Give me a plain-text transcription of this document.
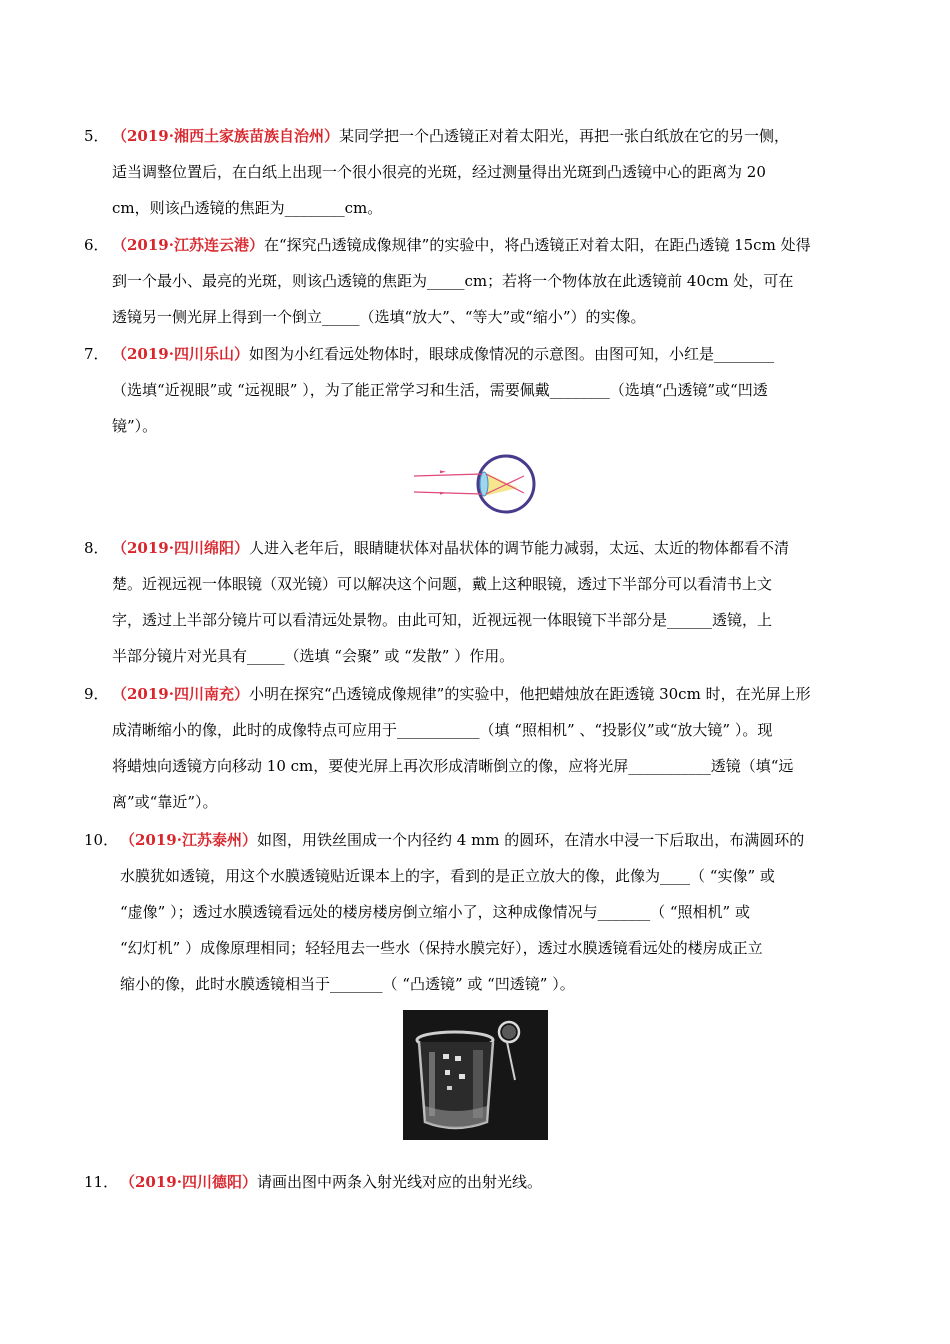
5． （2019·湘西土家族苗族自治州）某同学把一个凸透镜正对着太阳光，再把一张白纸放在它的另一侧，
适当调整位置后，在白纸上出现一个很小很亮的光斑，经过测量得出光斑到凸透镜中心的距离为 20
cm，则该凸透镜的焦距为________cm。
6． （2019·江苏连云港）在“探究凸透镜成像规律”的实验中，将凸透镜正对着太阳，在距凸透镜 15cm 处得
到一个最小、最亮的光斑，则该凸透镜的焦距为_____cm；若将一个物体放在此透镜前 40cm 处，可在
透镜另一侧光屏上得到一个倒立_____（选填“放大”、“等大”或“缩小”）的实像。
7． （2019·四川乐山）如图为小红看远处物体时，眼球成像情况的示意图。由图可知，小红是________
（选填“近视眼”或 “远视眼” ），为了能正常学习和生活，需要佩戴________（选填“凸透镜”或“凹透
镜”）。
8． （2019·四川绵阳）人进入老年后，眼睛睫状体对晶状体的调节能力减弱，太远、太近的物体都看不清
楚。近视远视一体眼镜（双光镜）可以解决这个问题，戴上这种眼镜，透过下半部分可以看清书上文
字，透过上半部分镜片可以看清远处景物。由此可知，近视远视一体眼镜下半部分是______透镜，上
半部分镜片对光具有_____（选填 “会聚” 或 “发散” ）作用。
9． （2019·四川南充）小明在探究“凸透镜成像规律”的实验中，他把蜡烛放在距透镜 30cm 时，在光屏上形
成清晰缩小的像，此时的成像特点可应用于___________（填 “照相机” 、“投影仪”或“放大镜” ）。现
将蜡烛向透镜方向移动 10 cm，要使光屏上再次形成清晰倒立的像，应将光屏___________透镜（填“远
离”或“靠近”）。
10． （2019·江苏泰州）如图，用铁丝围成一个内径约 4 mm 的圆环，在清水中浸一下后取出，布满圆环的
水膜犹如透镜，用这个水膜透镜贴近课本上的字，看到的是正立放大的像，此像为____（ “实像” 或
“虚像” ）；透过水膜透镜看远处的楼房楼房倒立缩小了，这种成像情况与_______（ “照相机” 或
“幻灯机” ）成像原理相同；轻轻甩去一些水（保持水膜完好），透过水膜透镜看远处的楼房成正立
缩小的像，此时水膜透镜相当于_______（ “凸透镜” 或 “凹透镜” ）。
11． （2019·四川德阳）请画出图中两条入射光线对应的出射光线。
